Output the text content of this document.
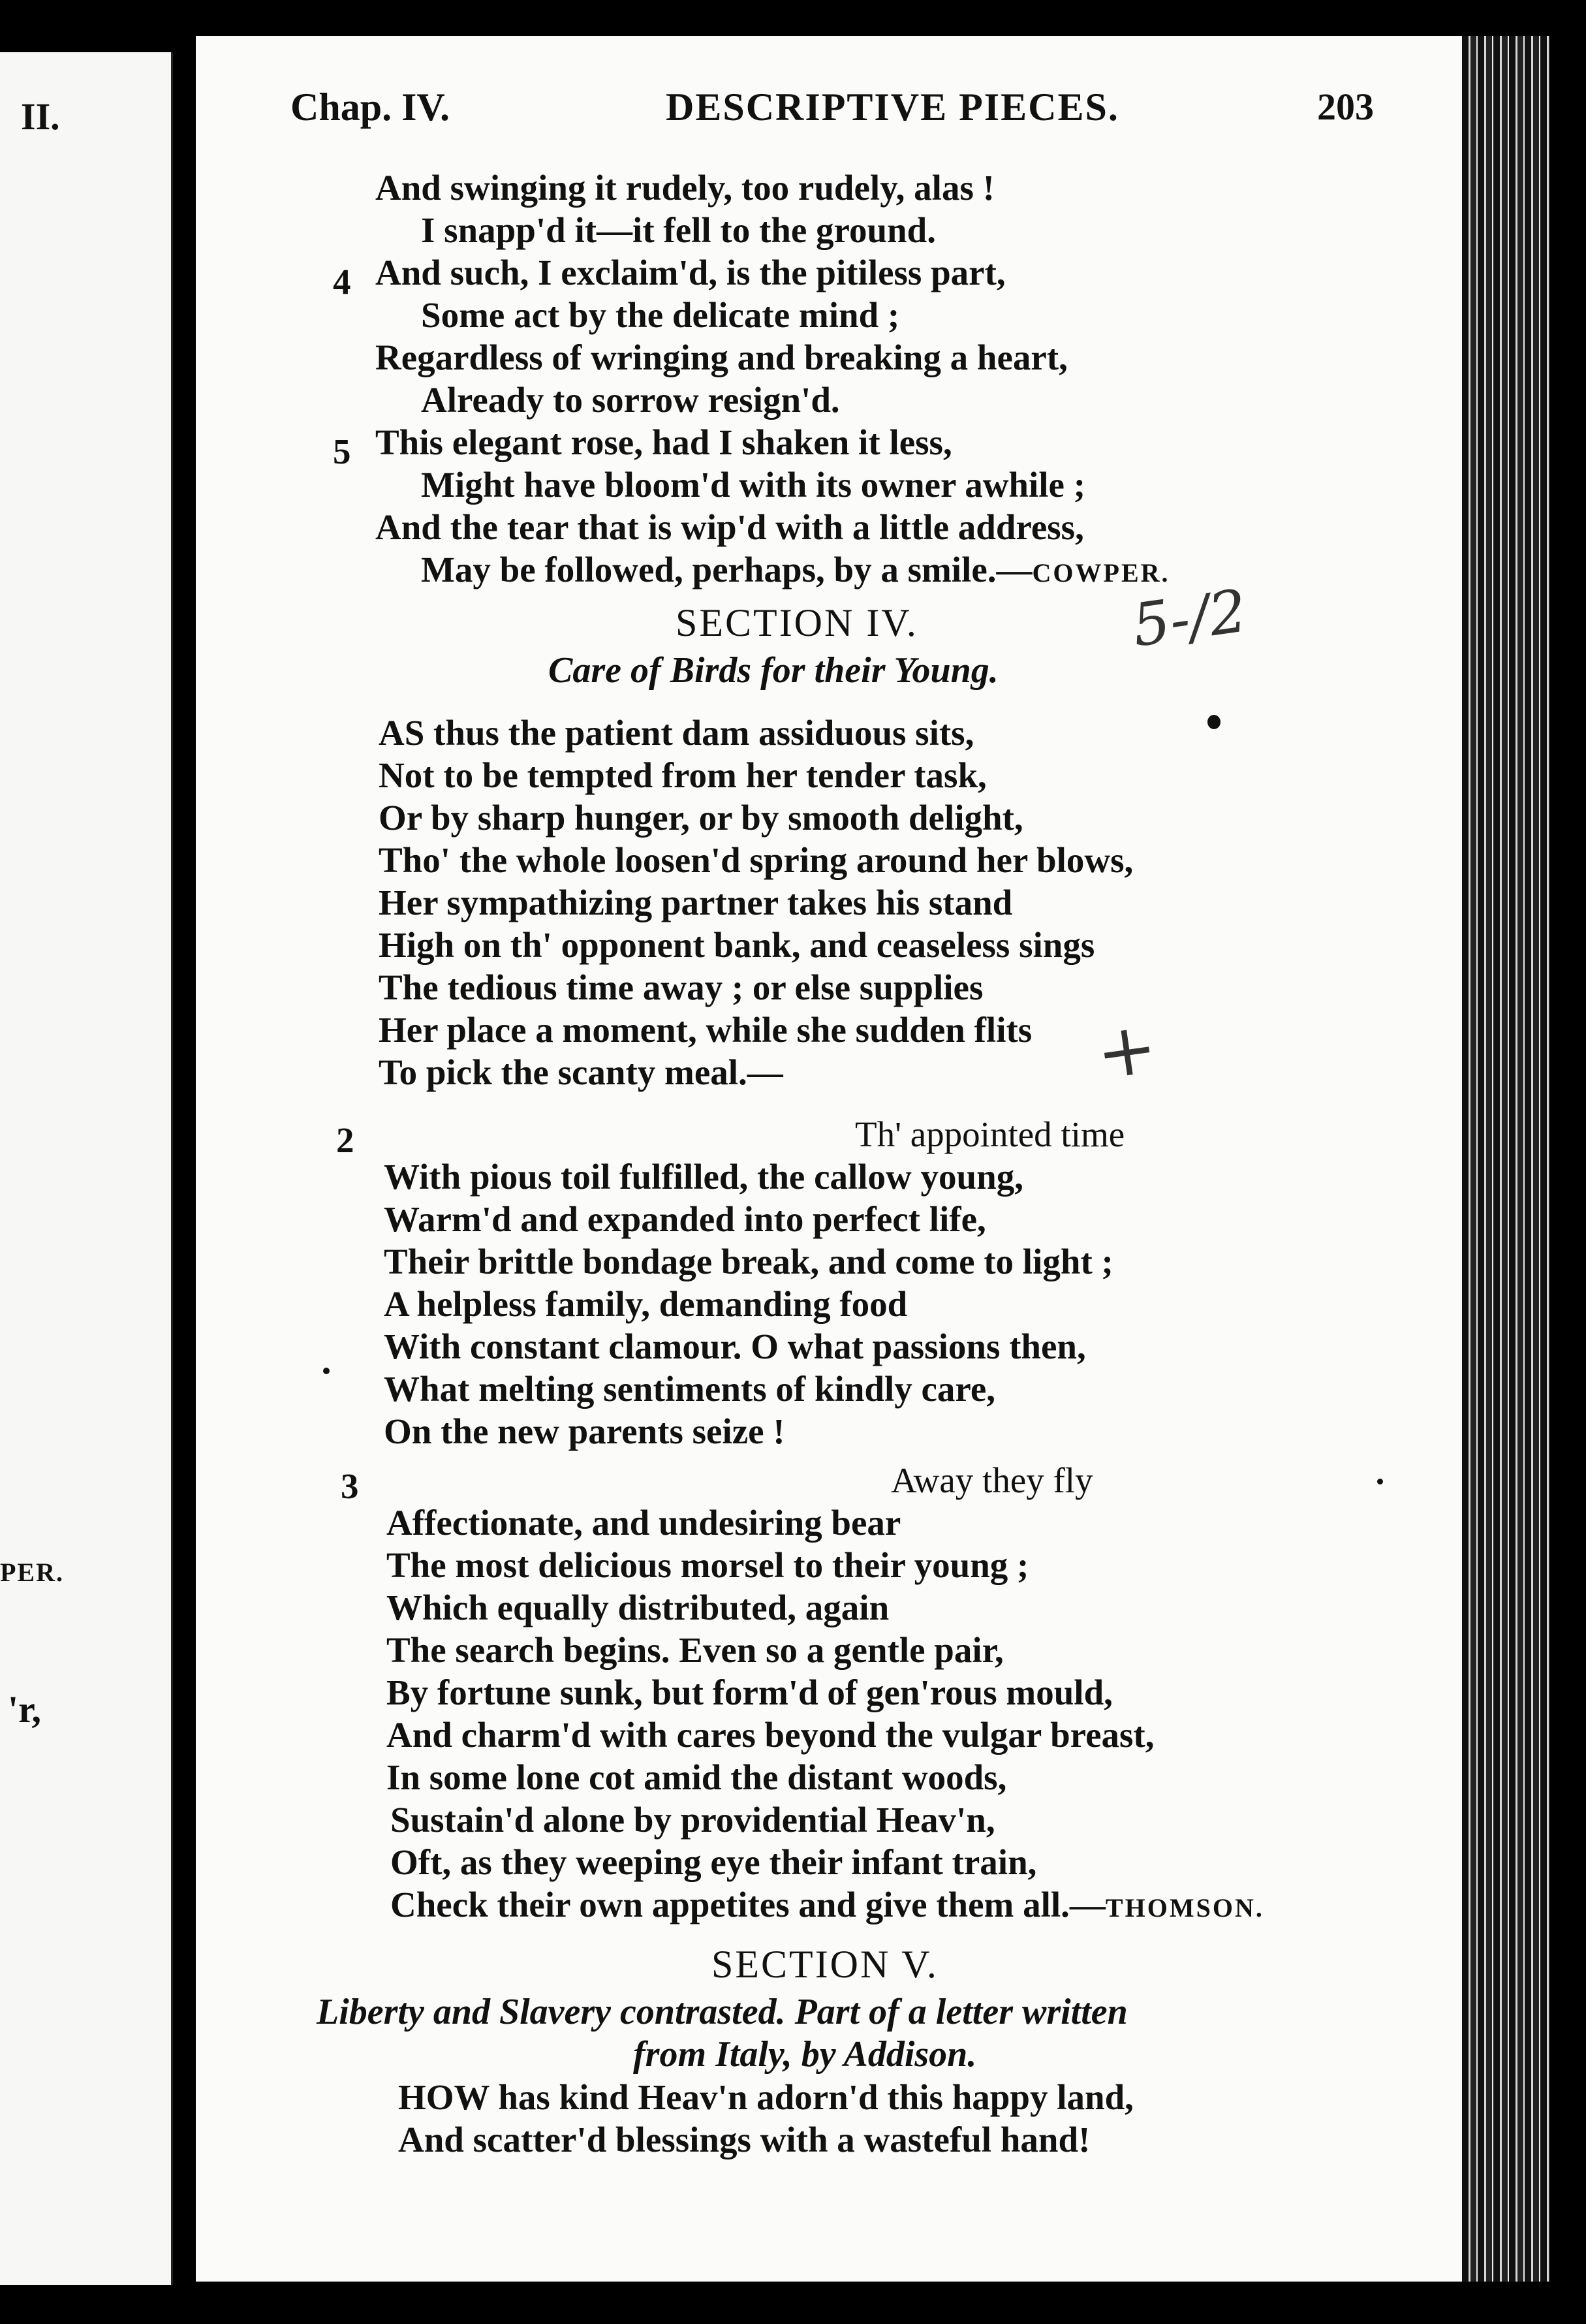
II.
PER.
'r,
Chap. IV.	DESCRIPTIVE PIECES.	203
And swinging it rudely, too rudely, alas !
I snapp'd it—it fell to the ground.
4 And such, I exclaim'd, is the pitiless part,
Some act by the delicate mind ;
Regardless of wringing and breaking a heart,
Already to sorrow resign'd.
5 This elegant rose, had I shaken it less,
Might have bloom'd with its owner awhile ;
And the tear that is wip'd with a little address,
May be followed, perhaps, by a smile.—COWPER.
SECTION IV.
Care of Birds for their Young.
AS thus the patient dam assiduous sits,
Not to be tempted from her tender task,
Or by sharp hunger, or by smooth delight,
Tho' the whole loosen'd spring around her blows,
Her sympathizing partner takes his stand
High on th' opponent bank, and ceaseless sings
The tedious time away ; or else supplies
Her place a moment, while she sudden flits
To pick the scanty meal.—
2	Th' appointed time
With pious toil fulfilled, the callow young,
Warm'd and expanded into perfect life,
Their brittle bondage break, and come to light ;
A helpless family, demanding food
With constant clamour. O what passions then,
What melting sentiments of kindly care,
On the new parents seize !
3	Away they fly
Affectionate, and undesiring bear
The most delicious morsel to their young ;
Which equally distributed, again
The search begins. Even so a gentle pair,
By fortune sunk, but form'd of gen'rous mould,
And charm'd with cares beyond the vulgar breast,
In some lone cot amid the distant woods,
Sustain'd alone by providential Heav'n,
Oft, as they weeping eye their infant train,
Check their own appetites and give them all.—THOMSON.
SECTION V.
Liberty and Slavery contrasted. Part of a letter written
from Italy, by Addison.
HOW has kind Heav'n adorn'd this happy land,
And scatter'd blessings with a wasteful hand!
5-/2
+
